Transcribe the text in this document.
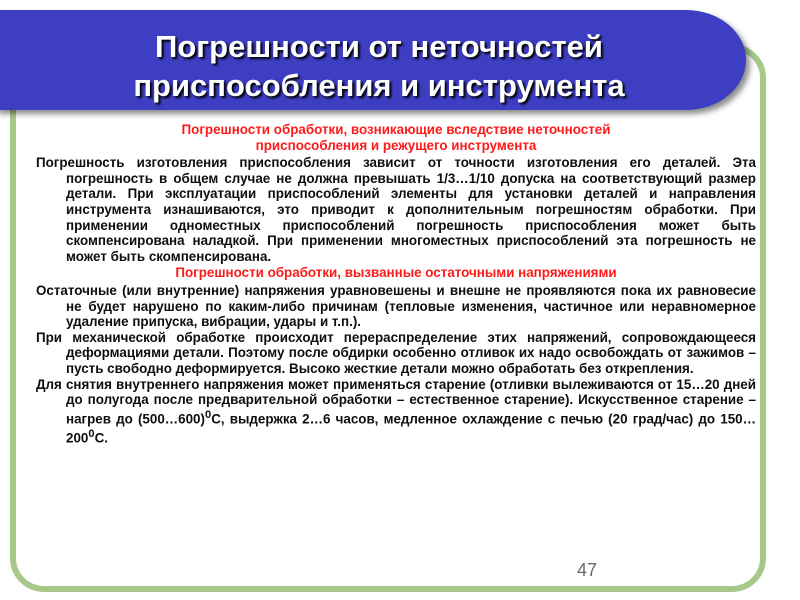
Погрешности от неточностей
приспособления и инструмента
Погрешности обработки, возникающие вследствие неточностей
приспособления и режущего инструмента

Погрешность изготовления приспособления зависит от точности изготовления его деталей. Эта погрешность в общем случае не должна превышать 1/3…1/10 допуска на соответствующий размер детали. При эксплуатации приспособлений элементы для установки деталей и направления инструмента изнашиваются, это приводит к дополнительным погрешностям обработки. При применении одноместных приспособлений погрешность приспособления может быть скомпенсирована наладкой. При применении многоместных приспособлений эта погрешность не может быть скомпенсирована.

Погрешности обработки, вызванные остаточными напряжениями

Остаточные (или внутренние) напряжения уравновешены и внешне не проявляются пока их равновесие не будет нарушено по каким-либо причинам (тепловые изменения, частичное или неравномерное удаление припуска, вибрации, удары и т.п.).

При механической обработке происходит перераспределение этих напряжений, сопровождающееся деформациями детали. Поэтому после обдирки особенно отливок их надо освобождать от зажимов – пусть свободно деформируется. Высоко жесткие детали можно обработать без открепления.

Для снятия внутреннего напряжения может применяться старение (отливки вылеживаются от 15…20 дней до полугода после предварительной обработки – естественное старение). Искусственное старение – нагрев до (500…600)$^0$С, выдержка 2…6 часов, медленное охлаждение с печью (20 град/час) до $150\dots 200^0С$.

47
